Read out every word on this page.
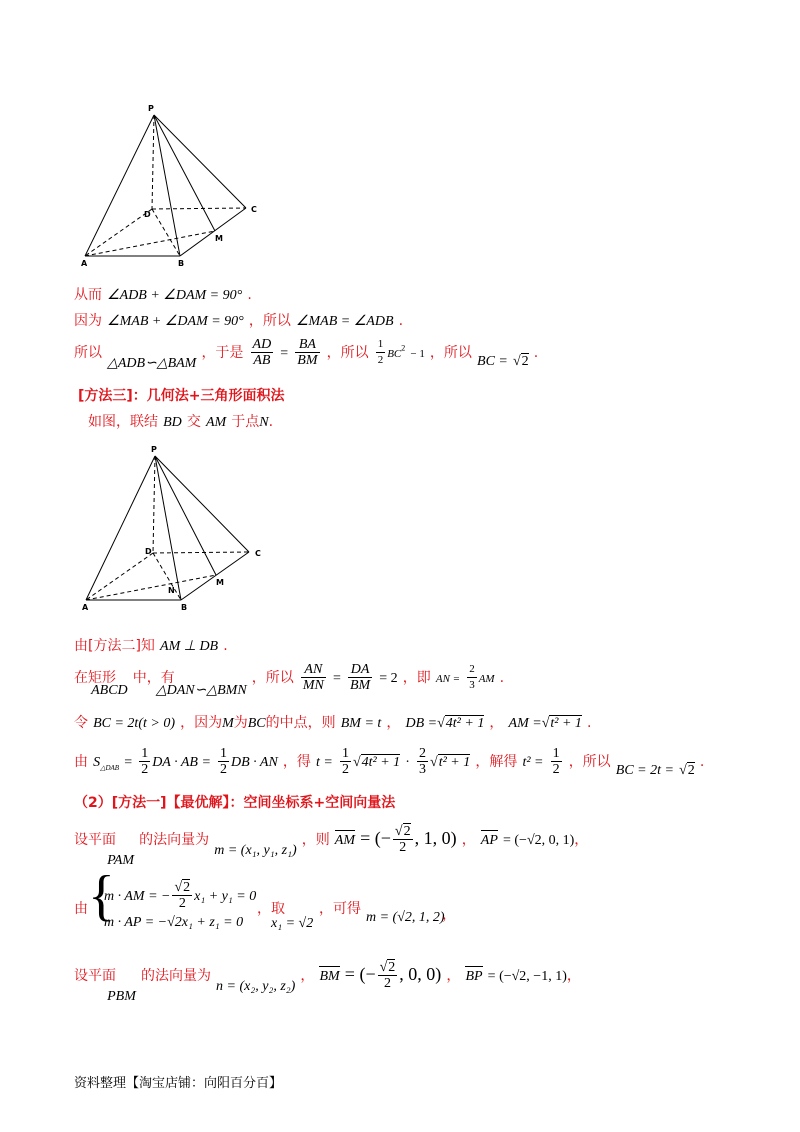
P
D
C
M
A	B
从而 ∠ADB + ∠DAM = 90° .
因为 ∠MAB + ∠DAM = 90° ，所以 ∠MAB = ∠ADB .
所以 △ADB∽△BAM ，于是 $\frac{AD}{AB} = \frac{BA}{BM}$ ，所以 $\frac{1}{2} BC^2 - 1$ ，所以 BC = √2 .
[方法三]：几何法+三角形面积法
如图，联结 BD 交 AM 于点N.
P
D	C
M
N
A	B
由[方法二]知 AM ⊥ DB .
在矩形 ABCD 中，有 △DAN∽△BMN ，所以 $\frac{AN}{MN} = \frac{DA}{BM} = 2$ ，即 AN = $\frac{2}{3}$ AM .
令 BC = 2t(t > 0) ，因为M为BC的中点，则 BM = t ， DB =√4t² + 1 ， AM =√t² + 1 .
由 $S_{\triangle DAB} = \frac{1}{2}$ DA · AB = $\frac{1}{2}$ DB · AN ，得 $t = \frac{1}{2} √4t^2 + 1 \cdot \frac{2}{3} √t^2 + 1$ ，解得 $t^2 = \frac{1}{2}$ ，所以 BC = 2t = √2 .
（2）[方法一]【最优解】：空间坐标系+空间向量法
设平面 PAM 的法向量为 m = (x₁, y₁, z₁) ，则 AM = (− $\frac{√2}{2}$ , 1, 0) ， AP = (−√2, 0, 1)，
由 {
m · AM = − $\frac{√2}{2} x_1 + y_1 = 0$
m · AP = −√2x₁ + z₁ = 0
，取
x₁ = √2
，可得
m = (√2, 1, 2)
，
设平面 PBM 的法向量为 n = (x₂, y₂, z₂) ， BM = (− $\frac{√2}{2}$ , 0, 0) ， BP = (−√2, −1, 1)，
资料整理【淘宝店铺：向阳百分百】
